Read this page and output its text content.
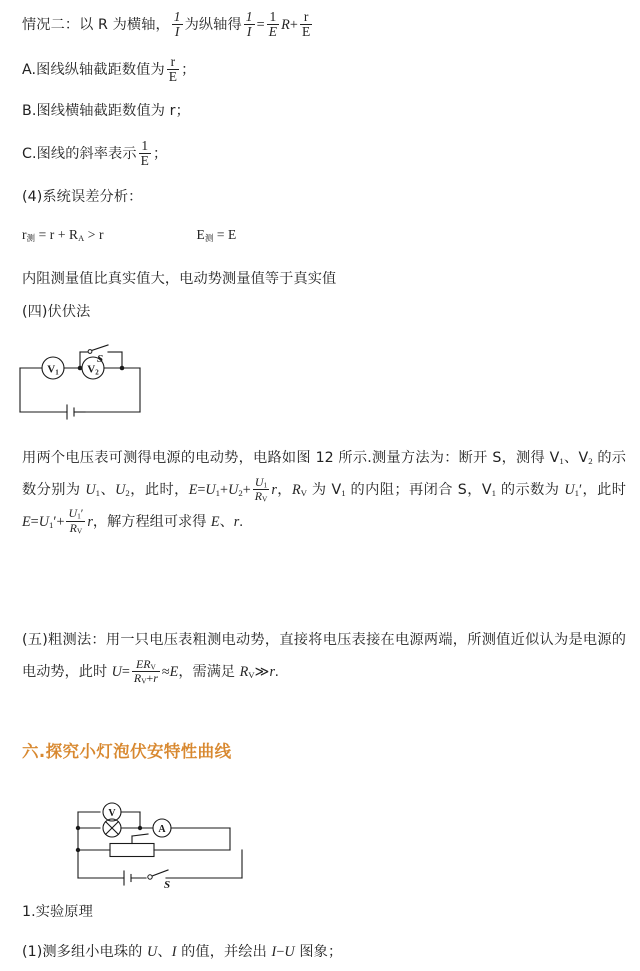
情况二：以 R 为横轴， $\frac{1}{I}$ 为纵轴得 $\frac{1}{I} = \frac{1}{E} R+ \frac{r}{E}$
A.图线纵轴截距数值为 $\frac{r}{E}$ ；
B.图线横轴截距数值为 r；
C.图线的斜率表示 $\frac{1}{E}$ ；
(4)系统误差分析：
$r_测 = r + R_A > r$	$E_测 = E$
内阻测量值比真实值大，电动势测量值等于真实值
(四)伏伏法
V1	V2
S
用两个电压表可测得电源的电动势，电路如图 12 所示.测量方法为：断开 S，测得 $V_1$、$V_2$ 的示数分别为 $U_1$、$U_2$，此时，$E=U_1+U_2+ \frac{U_1}{R_V}$ r，$R_V$ 为 $V_1$ 的内阻；再闭合 S，$V_1$ 的示数为 $U_1'$，此时 $E=U_1'+ \frac{U_1'}{R_V}$ r，解方程组可求得 E、r.
(五)粗测法：用一只电压表粗测电动势，直接将电压表接在电源两端，所测值近似认为是电源的电动势，此时 $U= \frac{ER_V}{R_V+r} \approx E$，需满足 $R_V≫r$.
六.探究小灯泡伏安特性曲线
V
A
S
1.实验原理
(1)测多组小电珠的 U、I 的值，并绘出 I−U 图象；
